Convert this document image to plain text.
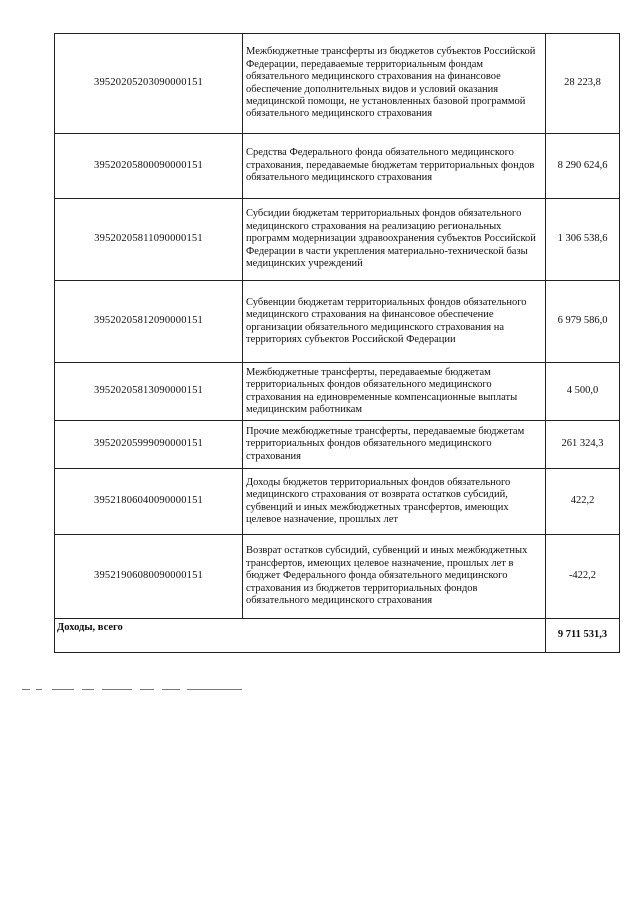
39520205203090000151	Межбюджетные трансферты из бюджетов субъектов Российской Федерации, передаваемые территориальным фондам обязательного медицинского страхования на финансовое обеспечение дополнительных видов и условий оказания медицинской помощи, не установленных базовой программой обязательного медицинского страхования	28 223,8
39520205800090000151	Средства Федерального фонда обязательного медицинского страхования, передаваемые бюджетам территориальных фондов обязательного медицинского страхования	8 290 624,6
39520205811090000151	Субсидии бюджетам территориальных фондов обязательного медицинского страхования на реализацию региональных программ модернизации здравоохранения субъектов Российской Федерации в части укрепления материально-технической базы медицинских учреждений	1 306 538,6
39520205812090000151	Субвенции бюджетам территориальных фондов обязательного медицинского страхования на финансовое обеспечение организации обязательного медицинского страхования на территориях субъектов Российской Федерации	6 979 586,0
39520205813090000151	Межбюджетные трансферты, передаваемые бюджетам территориальных фондов обязательного медицинского страхования на единовременные компенсационные выплаты медицинским работникам	4 500,0
39520205999090000151	Прочие межбюджетные трансферты, передаваемые бюджетам территориальных фондов обязательного медицинского страхования	261 324,3
39521806040090000151	Доходы бюджетов территориальных фондов обязательного медицинского страхования от возврата остатков субсидий, субвенций и иных межбюджетных трансфертов, имеющих целевое назначение, прошлых лет	422,2
39521906080090000151	Возврат остатков субсидий, субвенций и иных межбюджетных трансфертов, имеющих целевое назначение, прошлых лет в бюджет Федерального фонда обязательного медицинского страхования из бюджетов территориальных фондов обязательного медицинского страхования	-422,2
Доходы, всего		9 711 531,3
